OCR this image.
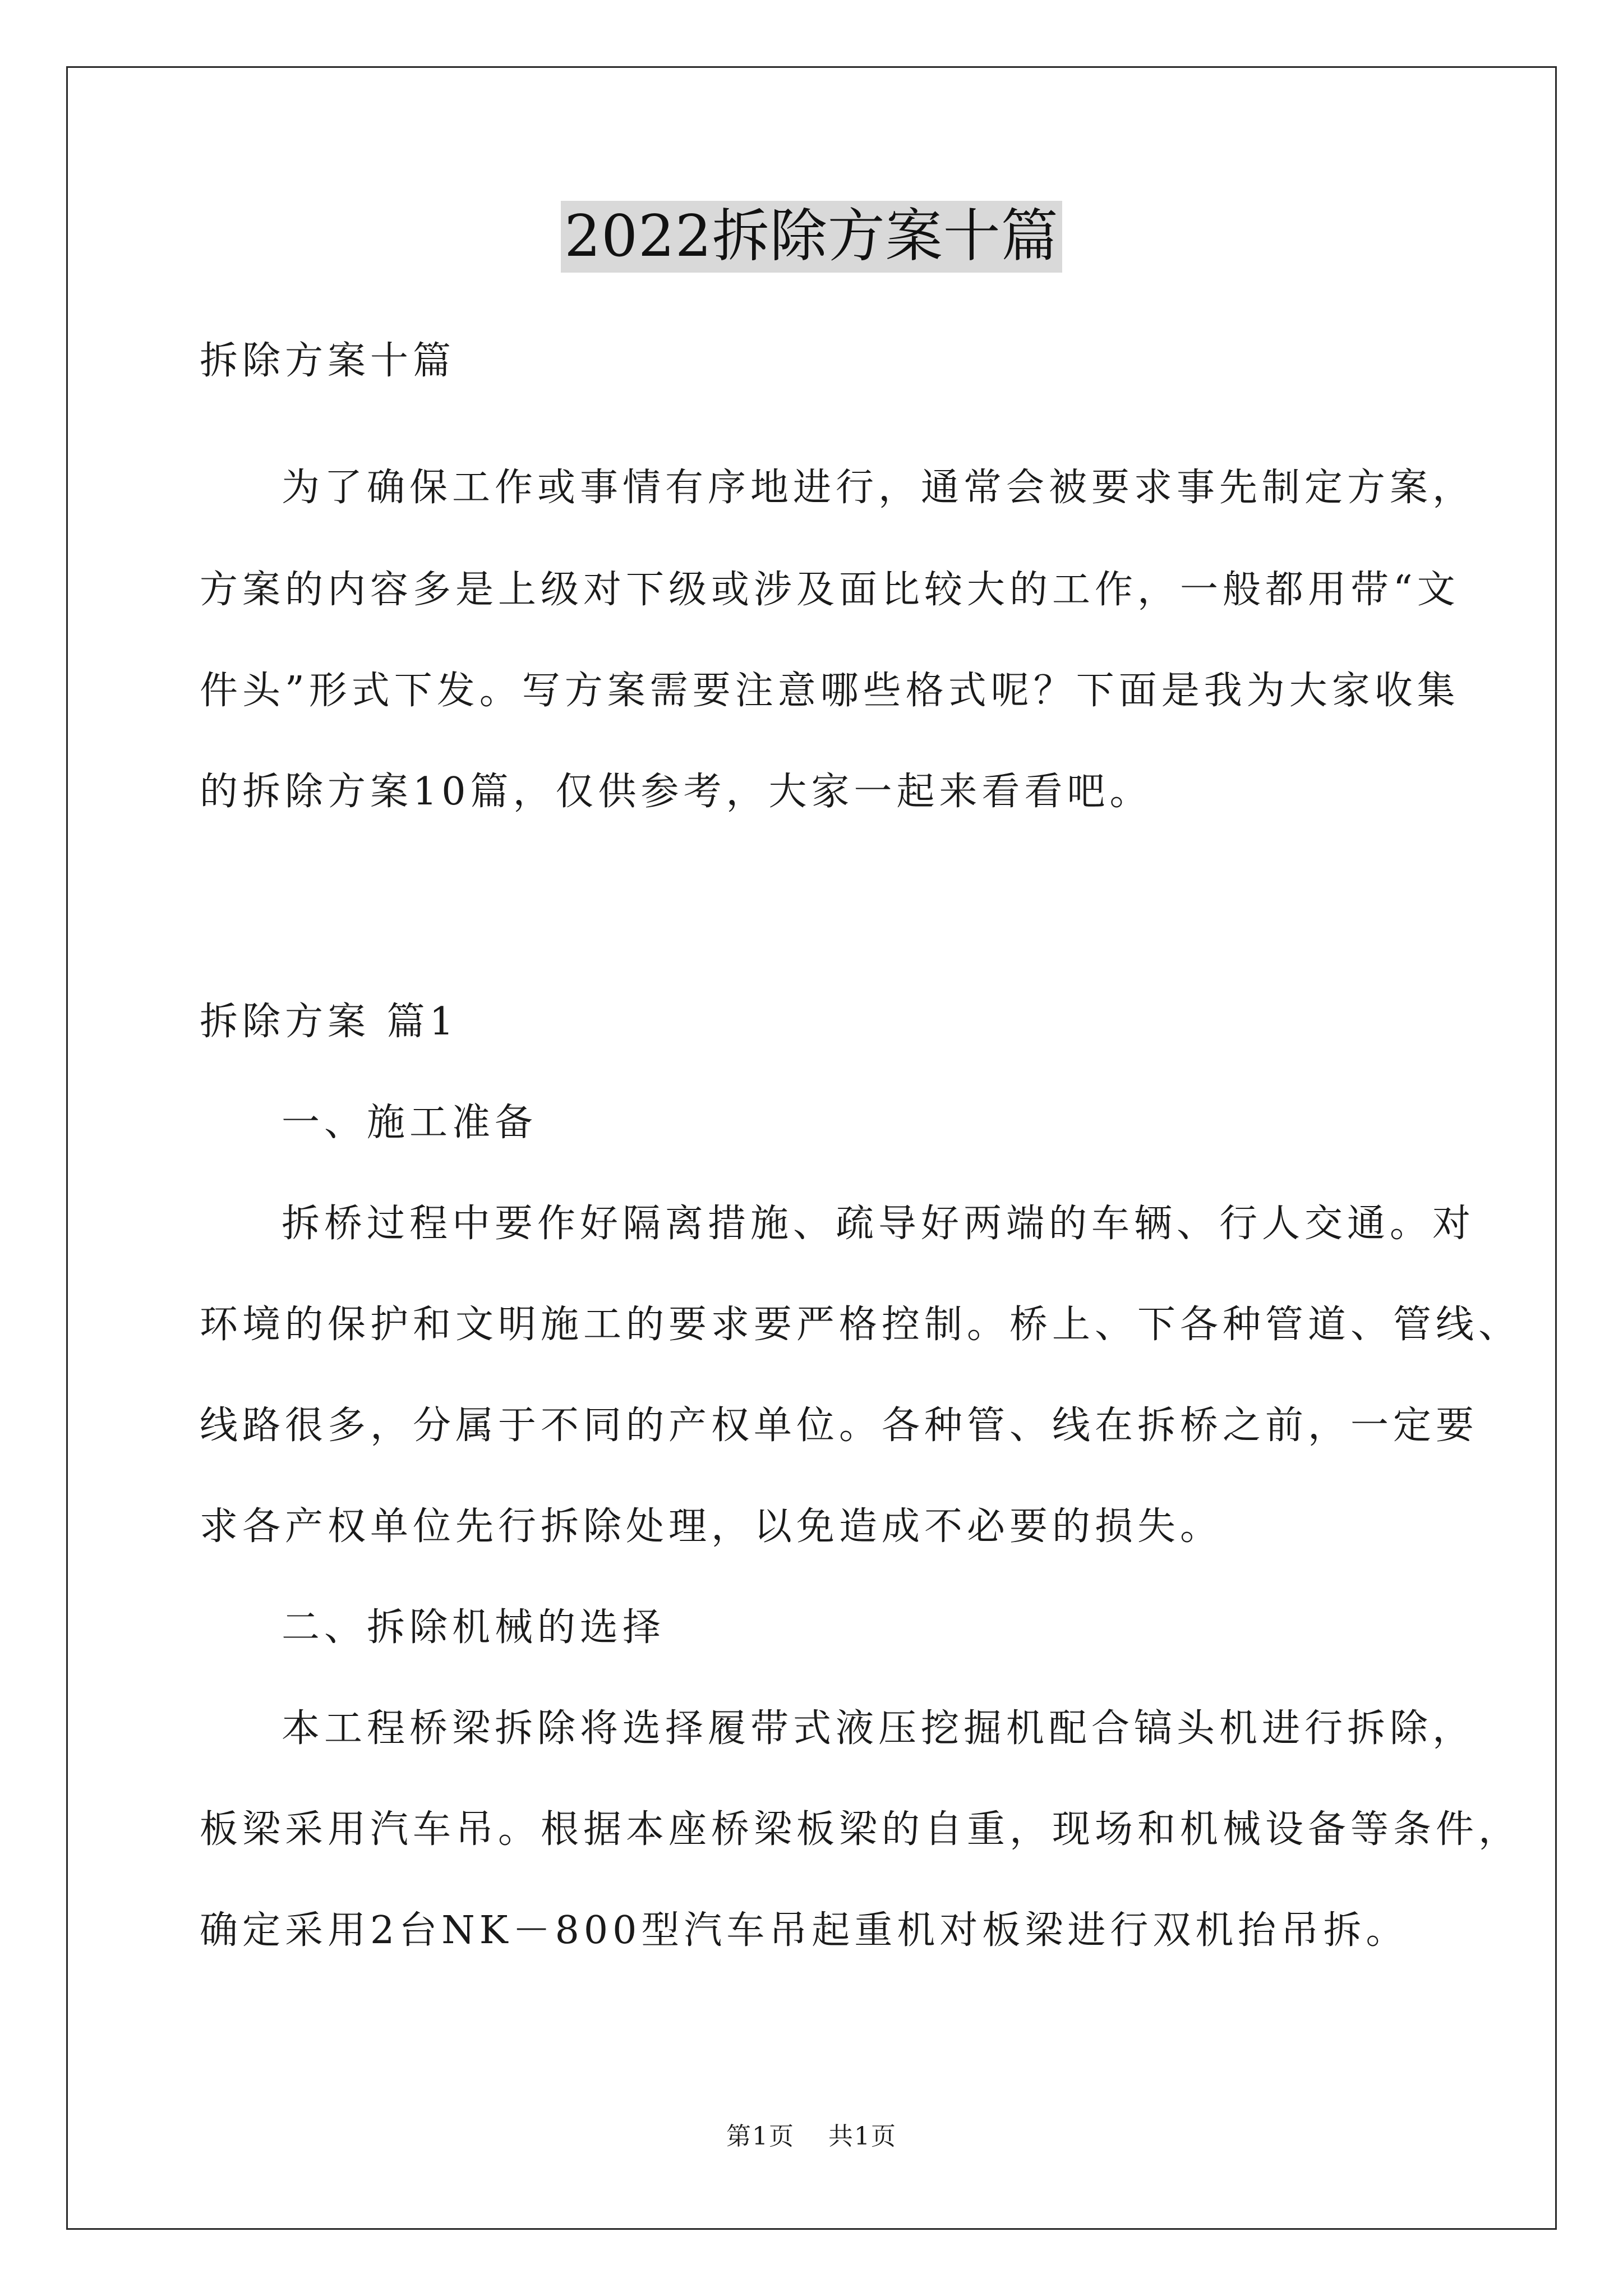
2022拆除方案十篇

拆除方案十篇

为了确保工作或事情有序地进行，通常会被要求事先制定方案，

方案的内容多是上级对下级或涉及面比较大的工作，一般都用带“文

件头”形式下发。写方案需要注意哪些格式呢？下面是我为大家收集

的拆除方案10篇，仅供参考，大家一起来看看吧。

拆除方案 篇1

一、施工准备

拆桥过程中要作好隔离措施、疏导好两端的车辆、行人交通。对

环境的保护和文明施工的要求要严格控制。桥上、下各种管道、管线、

线路很多，分属于不同的产权单位。各种管、线在拆桥之前，一定要

求各产权单位先行拆除处理，以免造成不必要的损失。

二、拆除机械的选择

本工程桥梁拆除将选择履带式液压挖掘机配合镐头机进行拆除，

板梁采用汽车吊。根据本座桥梁板梁的自重，现场和机械设备等条件，

确定采用2台NK－800型汽车吊起重机对板梁进行双机抬吊拆。

第1页 共1页
